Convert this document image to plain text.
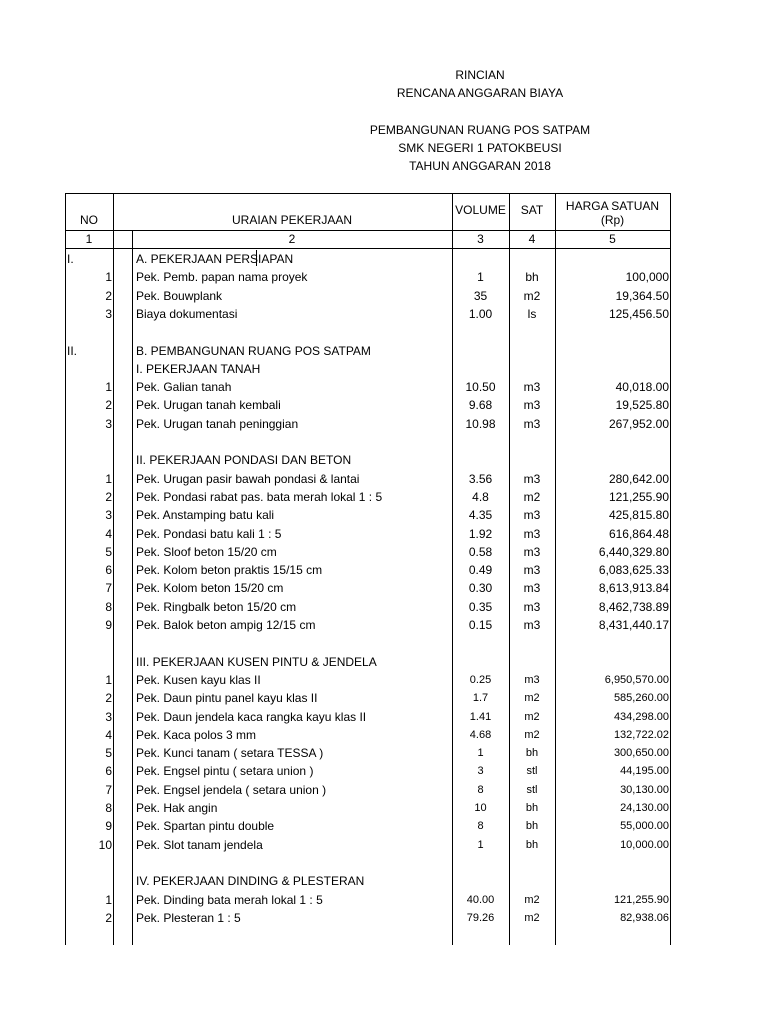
RINCIAN
RENCANA ANGGARAN BIAYA
PEMBANGUNAN RUANG POS SATPAM
SMK NEGERI 1 PATOKBEUSI
TAHUN ANGGARAN 2018
NO	URAIAN PEKERJAAN
VOLUME	SAT	HARGA SATUAN
(Rp)
1	2	3	4	5
I.	A. PEKERJAAN PERSIAPAN
1 Pek. Pemb. papan nama proyek	1	bh	100,000
2 Pek. Bouwplank	35	m2	19,364.50
3 Biaya dokumentasi	1.00	ls	125,456.50
II.	B. PEMBANGUNAN RUANG POS SATPAM
I. PEKERJAAN TANAH
1 Pek. Galian tanah	10.50	m3	40,018.00
2 Pek. Urugan tanah kembali	9.68	m3	19,525.80
3 Pek. Urugan tanah peninggian	10.98	m3	267,952.00
II. PEKERJAAN PONDASI DAN BETON
1 Pek. Urugan pasir bawah pondasi & lantai	3.56	m3	280,642.00
2 Pek. Pondasi rabat pas. bata merah lokal 1 : 5	4.8	m2	121,255.90
3 Pek. Anstamping batu kali	4.35	m3	425,815.80
4 Pek. Pondasi batu kali 1 : 5	1.92	m3	616,864.48
5 Pek. Sloof beton 15/20 cm	0.58	m3	6,440,329.80
6 Pek. Kolom beton praktis 15/15 cm	0.49	m3	6,083,625.33
7 Pek. Kolom beton 15/20 cm	0.30	m3	8,613,913.84
8 Pek. Ringbalk beton 15/20 cm	0.35	m3	8,462,738.89
9 Pek. Balok beton ampig 12/15 cm	0.15	m3	8,431,440.17
III. PEKERJAAN KUSEN PINTU & JENDELA
1 Pek. Kusen kayu klas II	0.25	m3	6,950,570.00
2 Pek. Daun pintu panel kayu klas II	1.7	m2	585,260.00
3 Pek. Daun jendela kaca rangka kayu klas II	1.41	m2	434,298.00
4 Pek. Kaca polos 3 mm	4.68	m2	132,722.02
5 Pek. Kunci tanam ( setara TESSA )	1	bh	300,650.00
6 Pek. Engsel pintu ( setara union )	3	stl	44,195.00
7 Pek. Engsel jendela ( setara union )	8	stl	30,130.00
8 Pek. Hak angin	10	bh	24,130.00
9 Pek. Spartan pintu double	8	bh	55,000.00
10 Pek. Slot tanam jendela	1	bh	10,000.00
IV. PEKERJAAN DINDING & PLESTERAN
1 Pek. Dinding bata merah lokal 1 : 5	40.00	m2	121,255.90
2 Pek. Plesteran 1 : 5	79.26	m2	82,938.06
